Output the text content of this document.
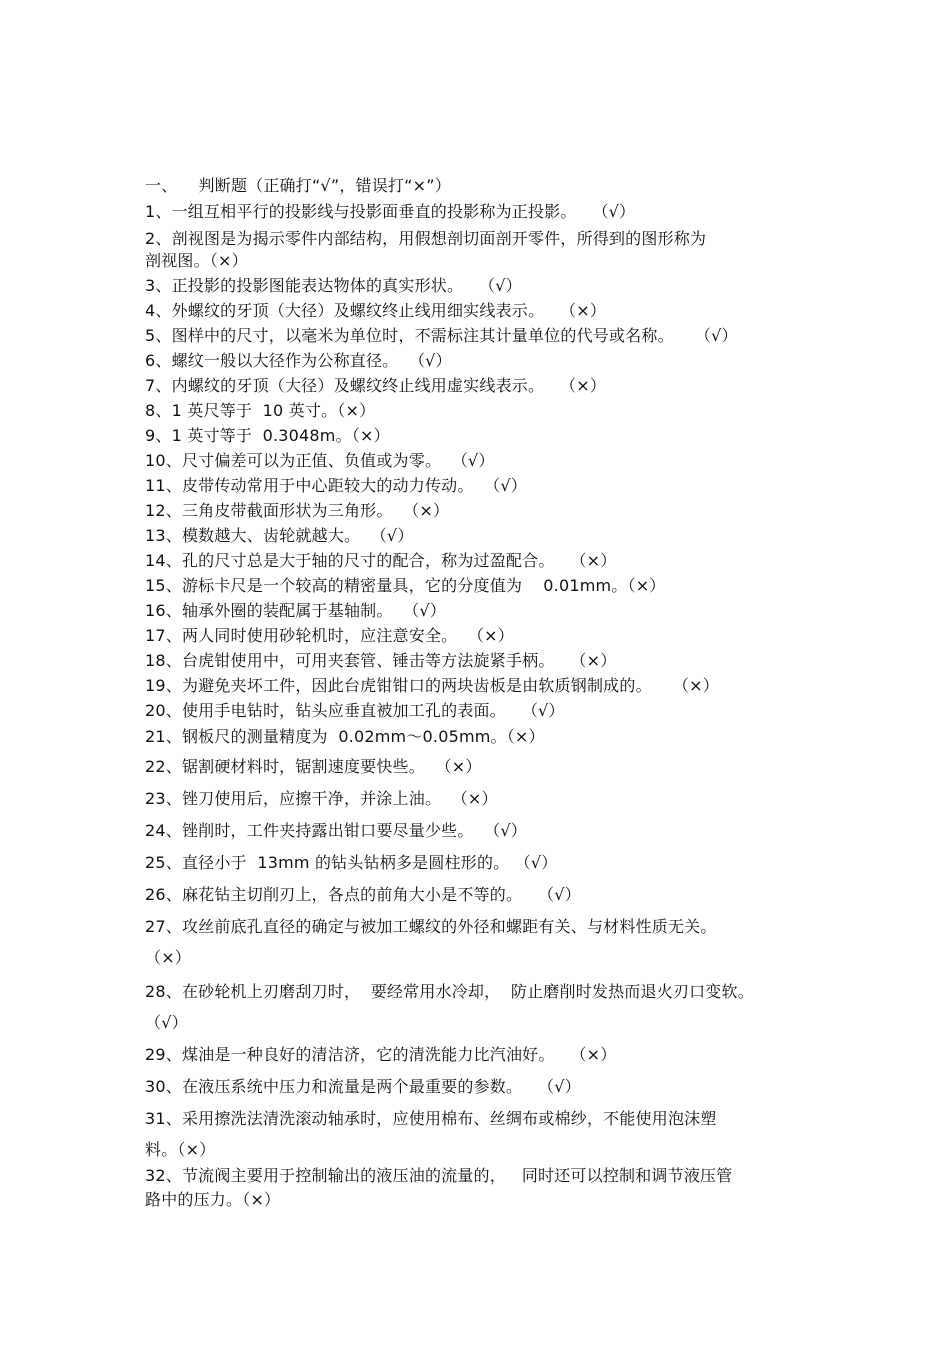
一、    判断题（正确打“√”，错误打“×”）
1、一组互相平行的投影线与投影面垂直的投影称为正投影。   （√）
2、剖视图是为揭示零件内部结构，用假想剖切面剖开零件，所得到的图形称为
剖视图。（×）
3、正投影的投影图能表达物体的真实形状。   （√）
4、外螺纹的牙顶（大径）及螺纹终止线用细实线表示。   （×）
5、图样中的尺寸，以毫米为单位时，不需标注其计量单位的代号或名称。    （√）
6、螺纹一般以大径作为公称直径。  （√）
7、内螺纹的牙顶（大径）及螺纹终止线用虚实线表示。   （×）
8、1 英尺等于  10 英寸。（×）
9、1 英寸等于  0.3048m。（×）
10、尺寸偏差可以为正值、负值或为零。  （√）
11、皮带传动常用于中心距较大的动力传动。  （√）
12、三角皮带截面形状为三角形。  （×）
13、模数越大、齿轮就越大。  （√）
14、孔的尺寸总是大于轴的尺寸的配合，称为过盈配合。   （×）
15、游标卡尺是一个较高的精密量具，它的分度值为    0.01mm。（×）
16、轴承外圈的装配属于基轴制。  （√）
17、两人同时使用砂轮机时，应注意安全。  （×）
18、台虎钳使用中，可用夹套管、锤击等方法旋紧手柄。   （×）
19、为避免夹坏工件，因此台虎钳钳口的两块齿板是由软质钢制成的。    （×）
20、使用手电钻时，钻头应垂直被加工孔的表面。   （√）
21、钢板尺的测量精度为  0.02mm～0.05mm。（×）
22、锯割硬材料时，锯割速度要快些。  （×）
23、锉刀使用后，应擦干净，并涂上油。  （×）
24、锉削时，工件夹持露出钳口要尽量少些。  （√）
25、直径小于  13mm 的钻头钻柄多是圆柱形的。 （√）
26、麻花钻主切削刃上，各点的前角大小是不等的。   （√）
27、攻丝前底孔直径的确定与被加工螺纹的外径和螺距有关、与材料性质无关。
（×）
28、在砂轮机上刃磨刮刀时，  要经常用水冷却，  防止磨削时发热而退火刃口变软。
（√）
29、煤油是一种良好的清洁济，它的清洗能力比汽油好。   （×）
30、在液压系统中压力和流量是两个最重要的参数。   （√）
31、采用擦洗法清洗滚动轴承时，应使用棉布、丝绸布或棉纱，不能使用泡沫塑
料。（×）
32、节流阀主要用于控制输出的液压油的流量的，   同时还可以控制和调节液压管
路中的压力。（×）
